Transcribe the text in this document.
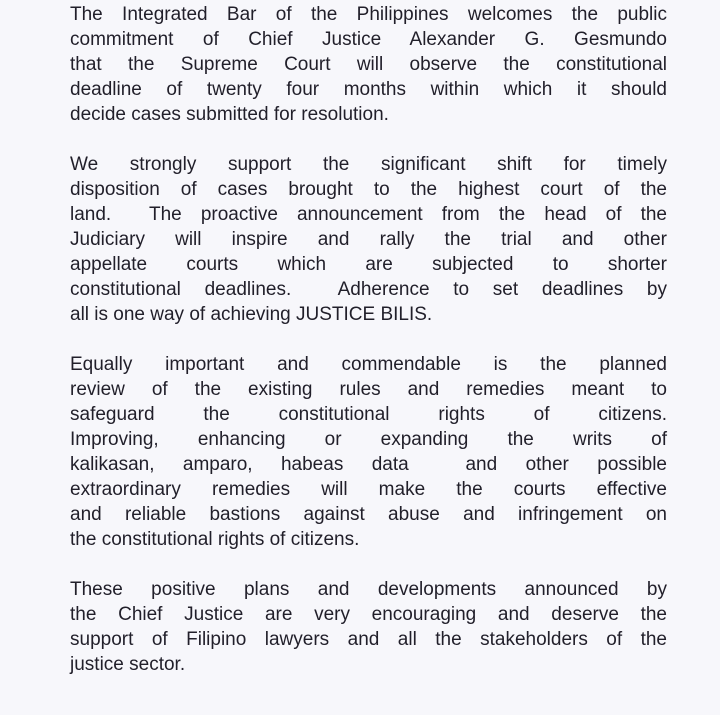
The Integrated Bar of the Philippines welcomes the public
commitment of Chief Justice Alexander G. Gesmundo
that the Supreme Court will observe the constitutional
deadline of twenty four months within which it should
decide cases submitted for resolution.
We strongly support the significant shift for timely
disposition of cases brought to the highest court of the
land.  The proactive announcement from the head of the
Judiciary will inspire and rally the trial and other
appellate courts which are subjected to shorter
constitutional deadlines.  Adherence to set deadlines by
all is one way of achieving JUSTICE BILIS.
Equally important and commendable is the planned
review of the existing rules and remedies meant to
safeguard the constitutional rights of citizens.
Improving, enhancing or expanding the writs of
kalikasan, amparo, habeas data  and other possible
extraordinary remedies will make the courts effective
and reliable bastions against abuse and infringement on
the constitutional rights of citizens.
These positive plans and developments announced by
the Chief Justice are very encouraging and deserve the
support of Filipino lawyers and all the stakeholders of the
justice sector.
